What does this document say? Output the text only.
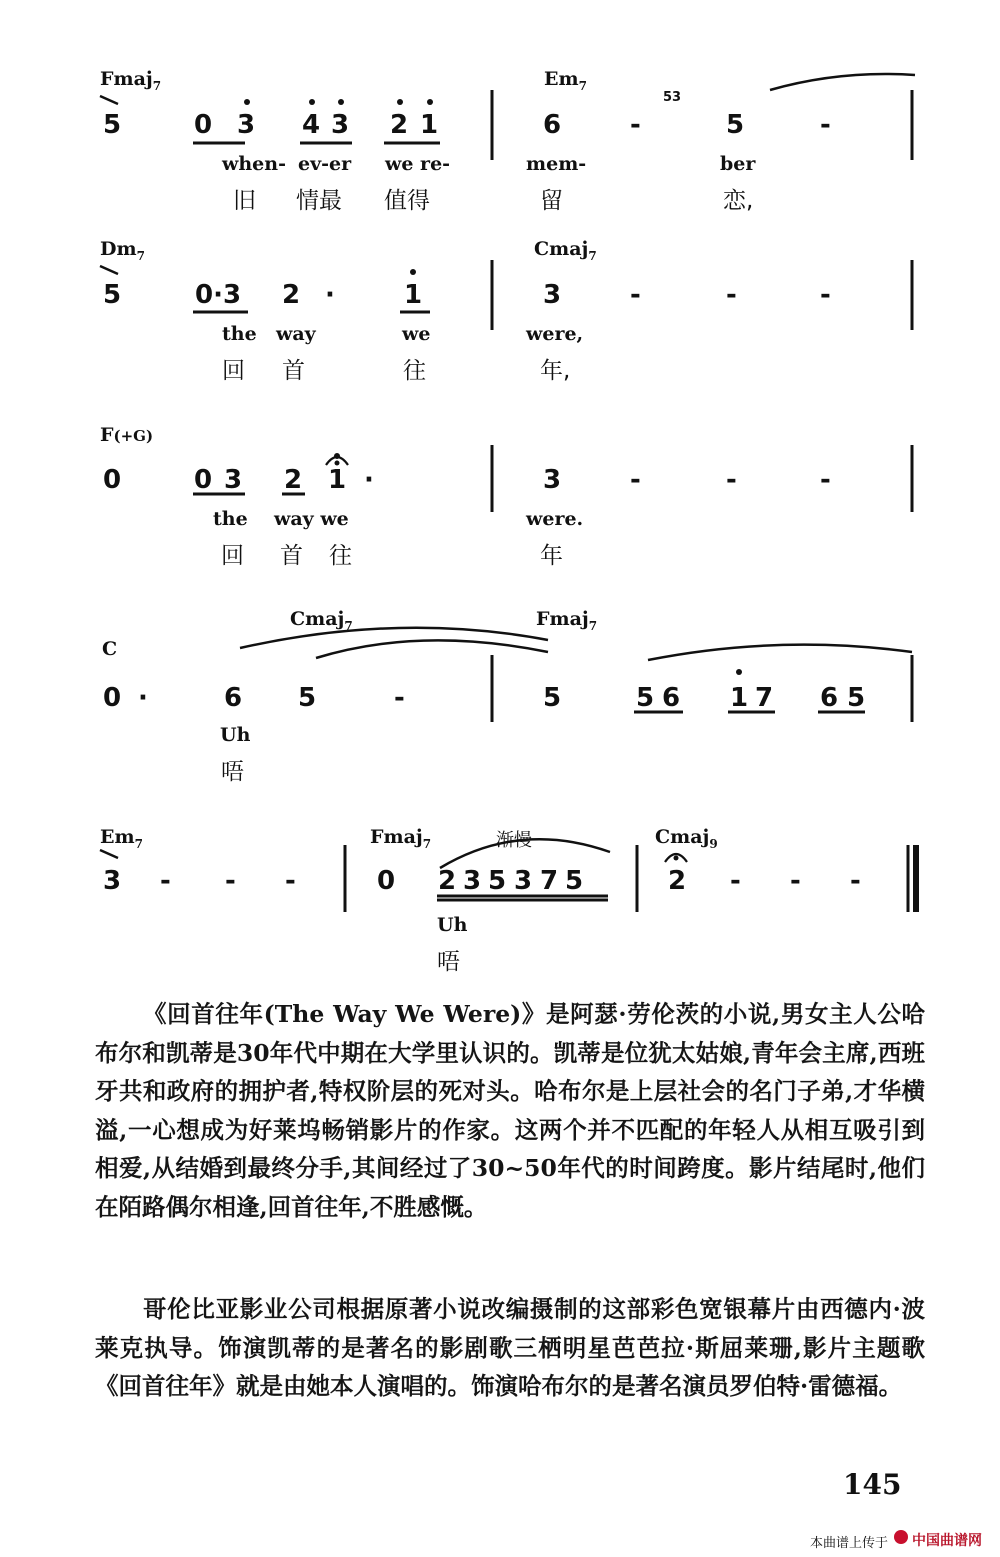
Fmaj$_7$	$Em_7$
53
5	0 3 4 3 2 1	6	-	5	-
when- ev-er we re-	mem-	ber
旧 情最 值得	留	恋,
$Dm_7$	Cmaj$_7$
5	0·3 2 ·	1	3	-	-	-
the way	we	were,
回 首	往	年,
F(+G)
0	0 3 2 1 ·	3	-	-	-
the way we	were.
回 首 往	年
C
Cmaj$_7$	Fmaj$_7$
0 ·	6 5	-	5	5 6 1 7 6 5
Uh
唔
$Em_7$	Fmaj$_7$	渐慢	Cmaj$_9$
3 - - -	0 2 3 5 3 7 5	2 - - -
Uh
唔
《回首往年(The Way We Were)》是阿瑟·劳伦茨的小说,男女主人公哈布尔和凯蒂是30年代中期在大学里认识的。凯蒂是位犹太姑娘,青年会主席,西班牙共和政府的拥护者,特权阶层的死对头。哈布尔是上层社会的名门子弟,才华横溢,一心想成为好莱坞畅销影片的作家。这两个并不匹配的年轻人从相互吸引到相爱,从结婚到最终分手,其间经过了30~50年代的时间跨度。影片结尾时,他们在陌路偶尔相逢,回首往年,不胜感慨。
哥伦比亚影业公司根据原著小说改编摄制的这部彩色宽银幕片由西德内·波莱克执导。饰演凯蒂的是著名的影剧歌三栖明星芭芭拉·斯屈莱珊,影片主题歌《回首往年》就是由她本人演唱的。饰演哈布尔的是著名演员罗伯特·雷德福。
145
本曲谱上传于 中国曲谱网
